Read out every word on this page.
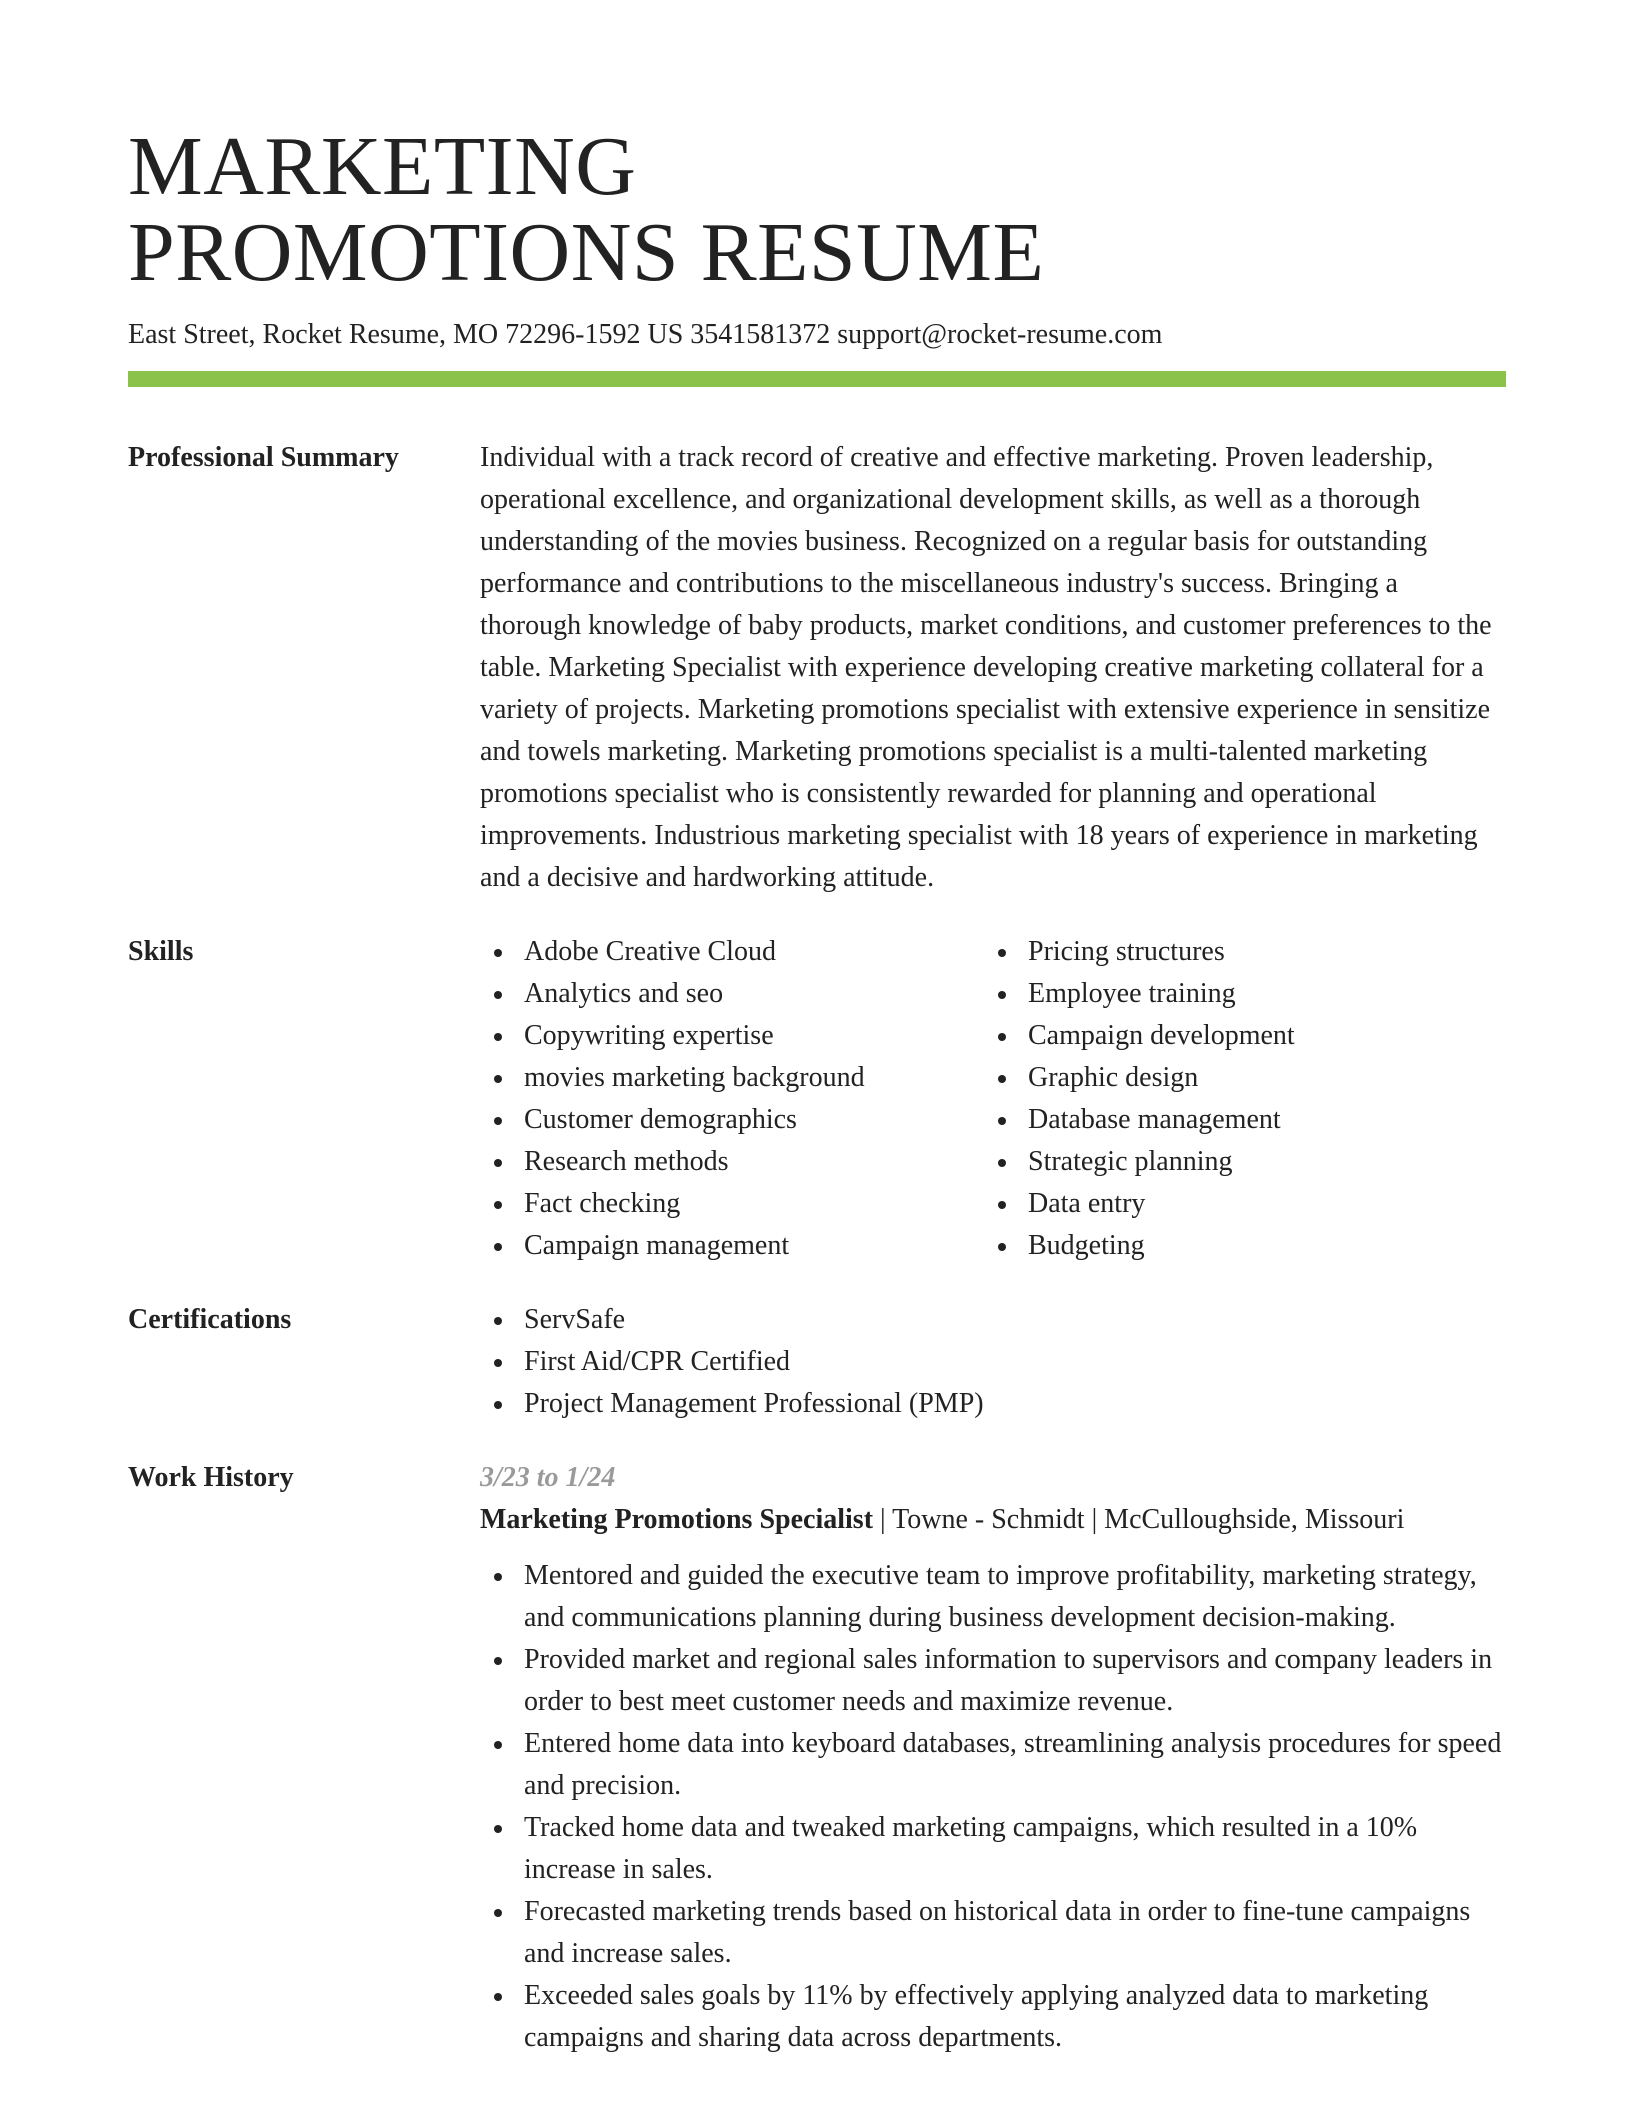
MARKETING
PROMOTIONS RESUME
East Street, Rocket Resume, MO 72296-1592 US 3541581372 support@rocket-resume.com
Professional Summary	Individual with a track record of creative and effective marketing. Proven leadership, operational excellence, and organizational development skills, as well as a thorough understanding of the movies business. Recognized on a regular basis for outstanding performance and contributions to the miscellaneous industry's success. Bringing a thorough knowledge of baby products, market conditions, and customer preferences to the table. Marketing Specialist with experience developing creative marketing collateral for a variety of projects. Marketing promotions specialist with extensive experience in sensitize and towels marketing. Marketing promotions specialist is a multi-talented marketing promotions specialist who is consistently rewarded for planning and operational improvements. Industrious marketing specialist with 18 years of experience in marketing and a decisive and hardworking attitude.

Skills	Adobe Creative Cloud
Analytics and seo
Copywriting expertise
movies marketing background
Customer demographics
Research methods
Fact checking
Campaign management
Pricing structures
Employee training
Campaign development
Graphic design
Database management
Strategic planning
Data entry
Budgeting
Certifications	ServSafe
First Aid/CPR Certified
Project Management Professional (PMP)
Work History	3/23 to 1/24
Marketing Promotions Specialist | Towne - Schmidt | McCulloughside, Missouri
Mentored and guided the executive team to improve profitability, marketing strategy, and communications planning during business development decision-making.
Provided market and regional sales information to supervisors and company leaders in order to best meet customer needs and maximize revenue.
Entered home data into keyboard databases, streamlining analysis procedures for speed and precision.
Tracked home data and tweaked marketing campaigns, which resulted in a 10% increase in sales.
Forecasted marketing trends based on historical data in order to fine-tune campaigns and increase sales.
Exceeded sales goals by 11% by effectively applying analyzed data to marketing campaigns and sharing data across departments.
